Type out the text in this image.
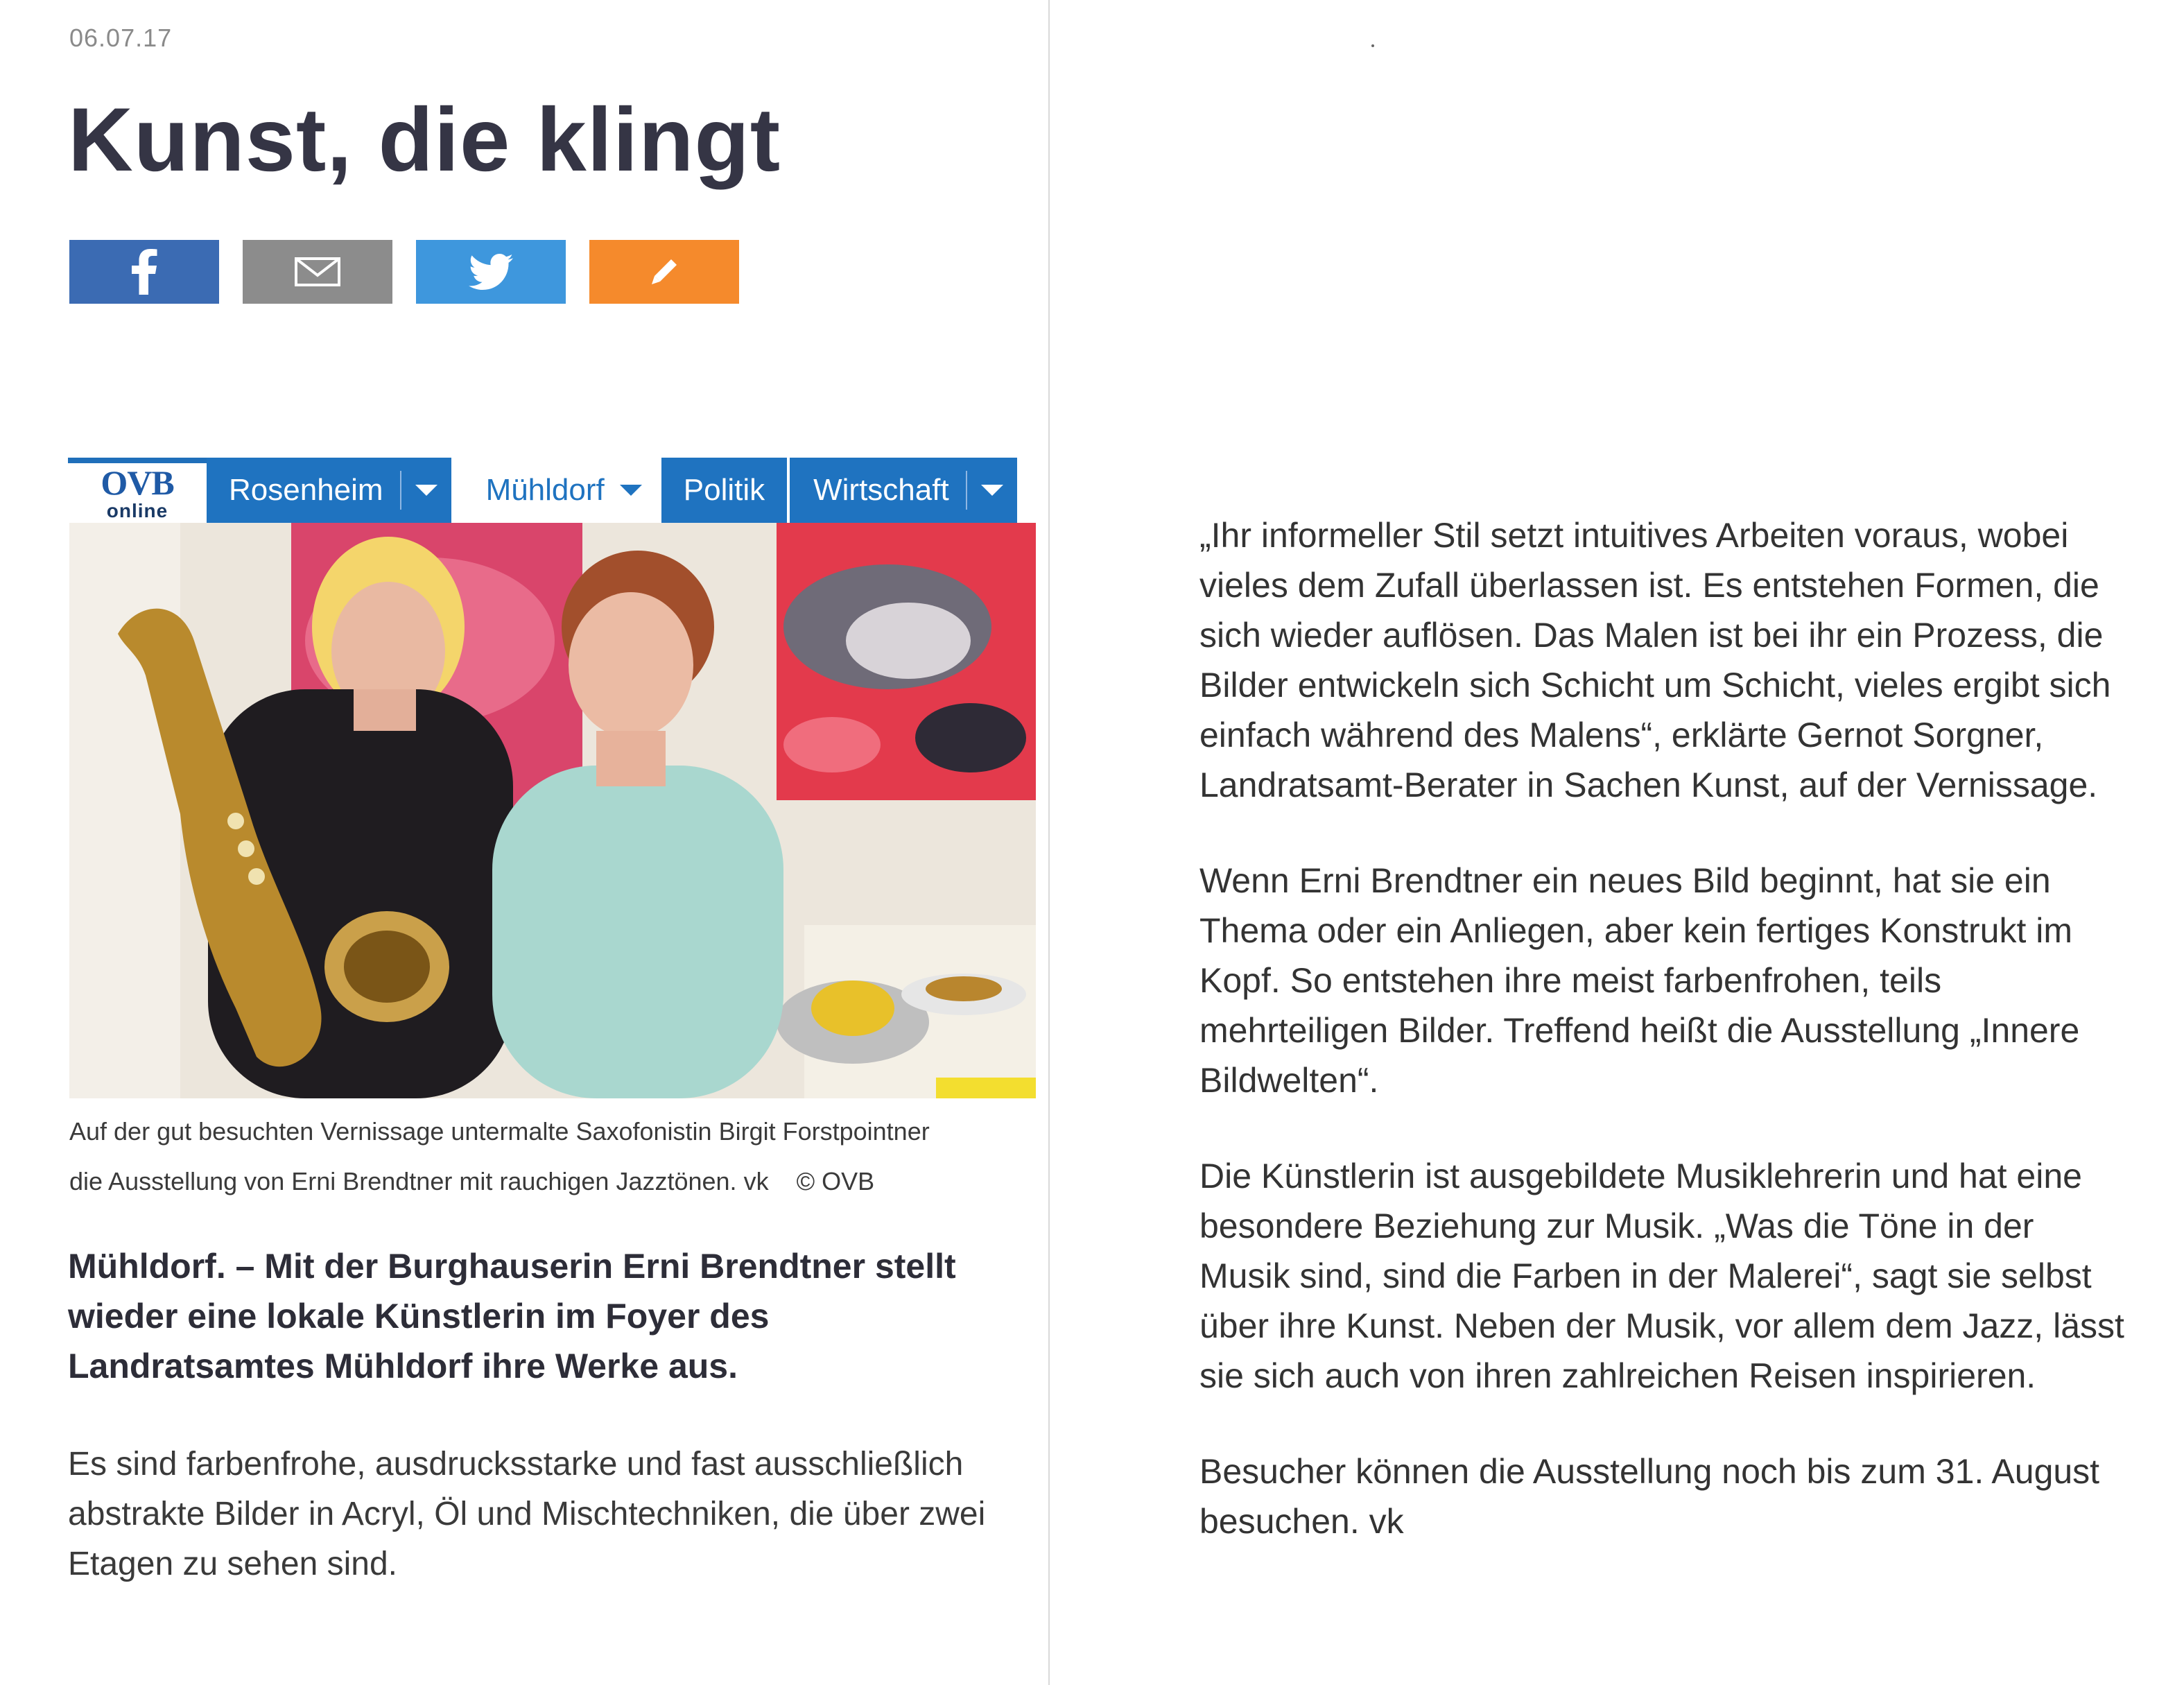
06.07.17
Kunst, die klingt
OVB
online
Rosenheim	Mühldorf	Politik Wirtschaft
Auf der gut besuchten Vernissage untermalte Saxofonistin Birgit Forstpointner
die Ausstellung von Erni Brendtner mit rauchigen Jazztönen. vk © OVB

Mühldorf. – Mit der Burghauserin Erni Brendtner stellt wieder eine lokale Künstlerin im Foyer des Landratsamtes Mühldorf ihre Werke aus.

Es sind farbenfrohe, ausdrucksstarke und fast ausschließlich abstrakte Bilder in Acryl, Öl und Mischtechniken, die über zwei Etagen zu sehen sind.

„Ihr informeller Stil setzt intuitives Arbeiten voraus, wobei vieles dem Zufall überlassen ist. Es entstehen Formen, die sich wieder auflösen. Das Malen ist bei ihr ein Prozess, die Bilder entwickeln sich Schicht um Schicht, vieles ergibt sich einfach während des Malens“, erklärte Gernot Sorgner, Landratsamt-Berater in Sachen Kunst, auf der Vernissage.

Wenn Erni Brendtner ein neues Bild beginnt, hat sie ein Thema oder ein Anliegen, aber kein fertiges Konstrukt im Kopf. So entstehen ihre meist farbenfrohen, teils mehrteiligen Bilder. Treffend heißt die Ausstellung „Innere Bildwelten“.

Die Künstlerin ist ausgebildete Musiklehrerin und hat eine besondere Beziehung zur Musik. „Was die Töne in der Musik sind, sind die Farben in der Malerei“, sagt sie selbst über ihre Kunst. Neben der Musik, vor allem dem Jazz, lässt sie sich auch von ihren zahlreichen Reisen inspirieren.

Besucher können die Ausstellung noch bis zum 31. August besuchen. vk
